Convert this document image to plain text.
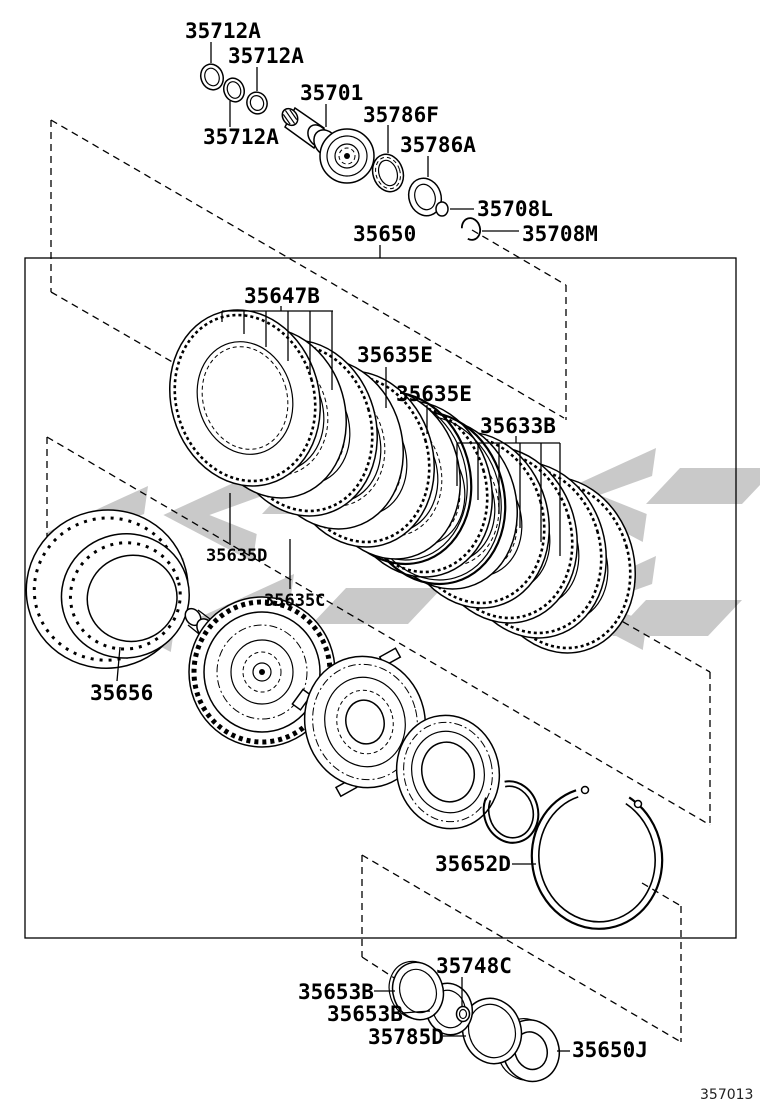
35712A
35712A
35712A
35701
35786F
35786A
35708L
35708M
35650
35647B
35635E
35635E
35633B
35635D
35635C
35656
35652D
35653B
35653B
35748C
35785D
35650J
357013
